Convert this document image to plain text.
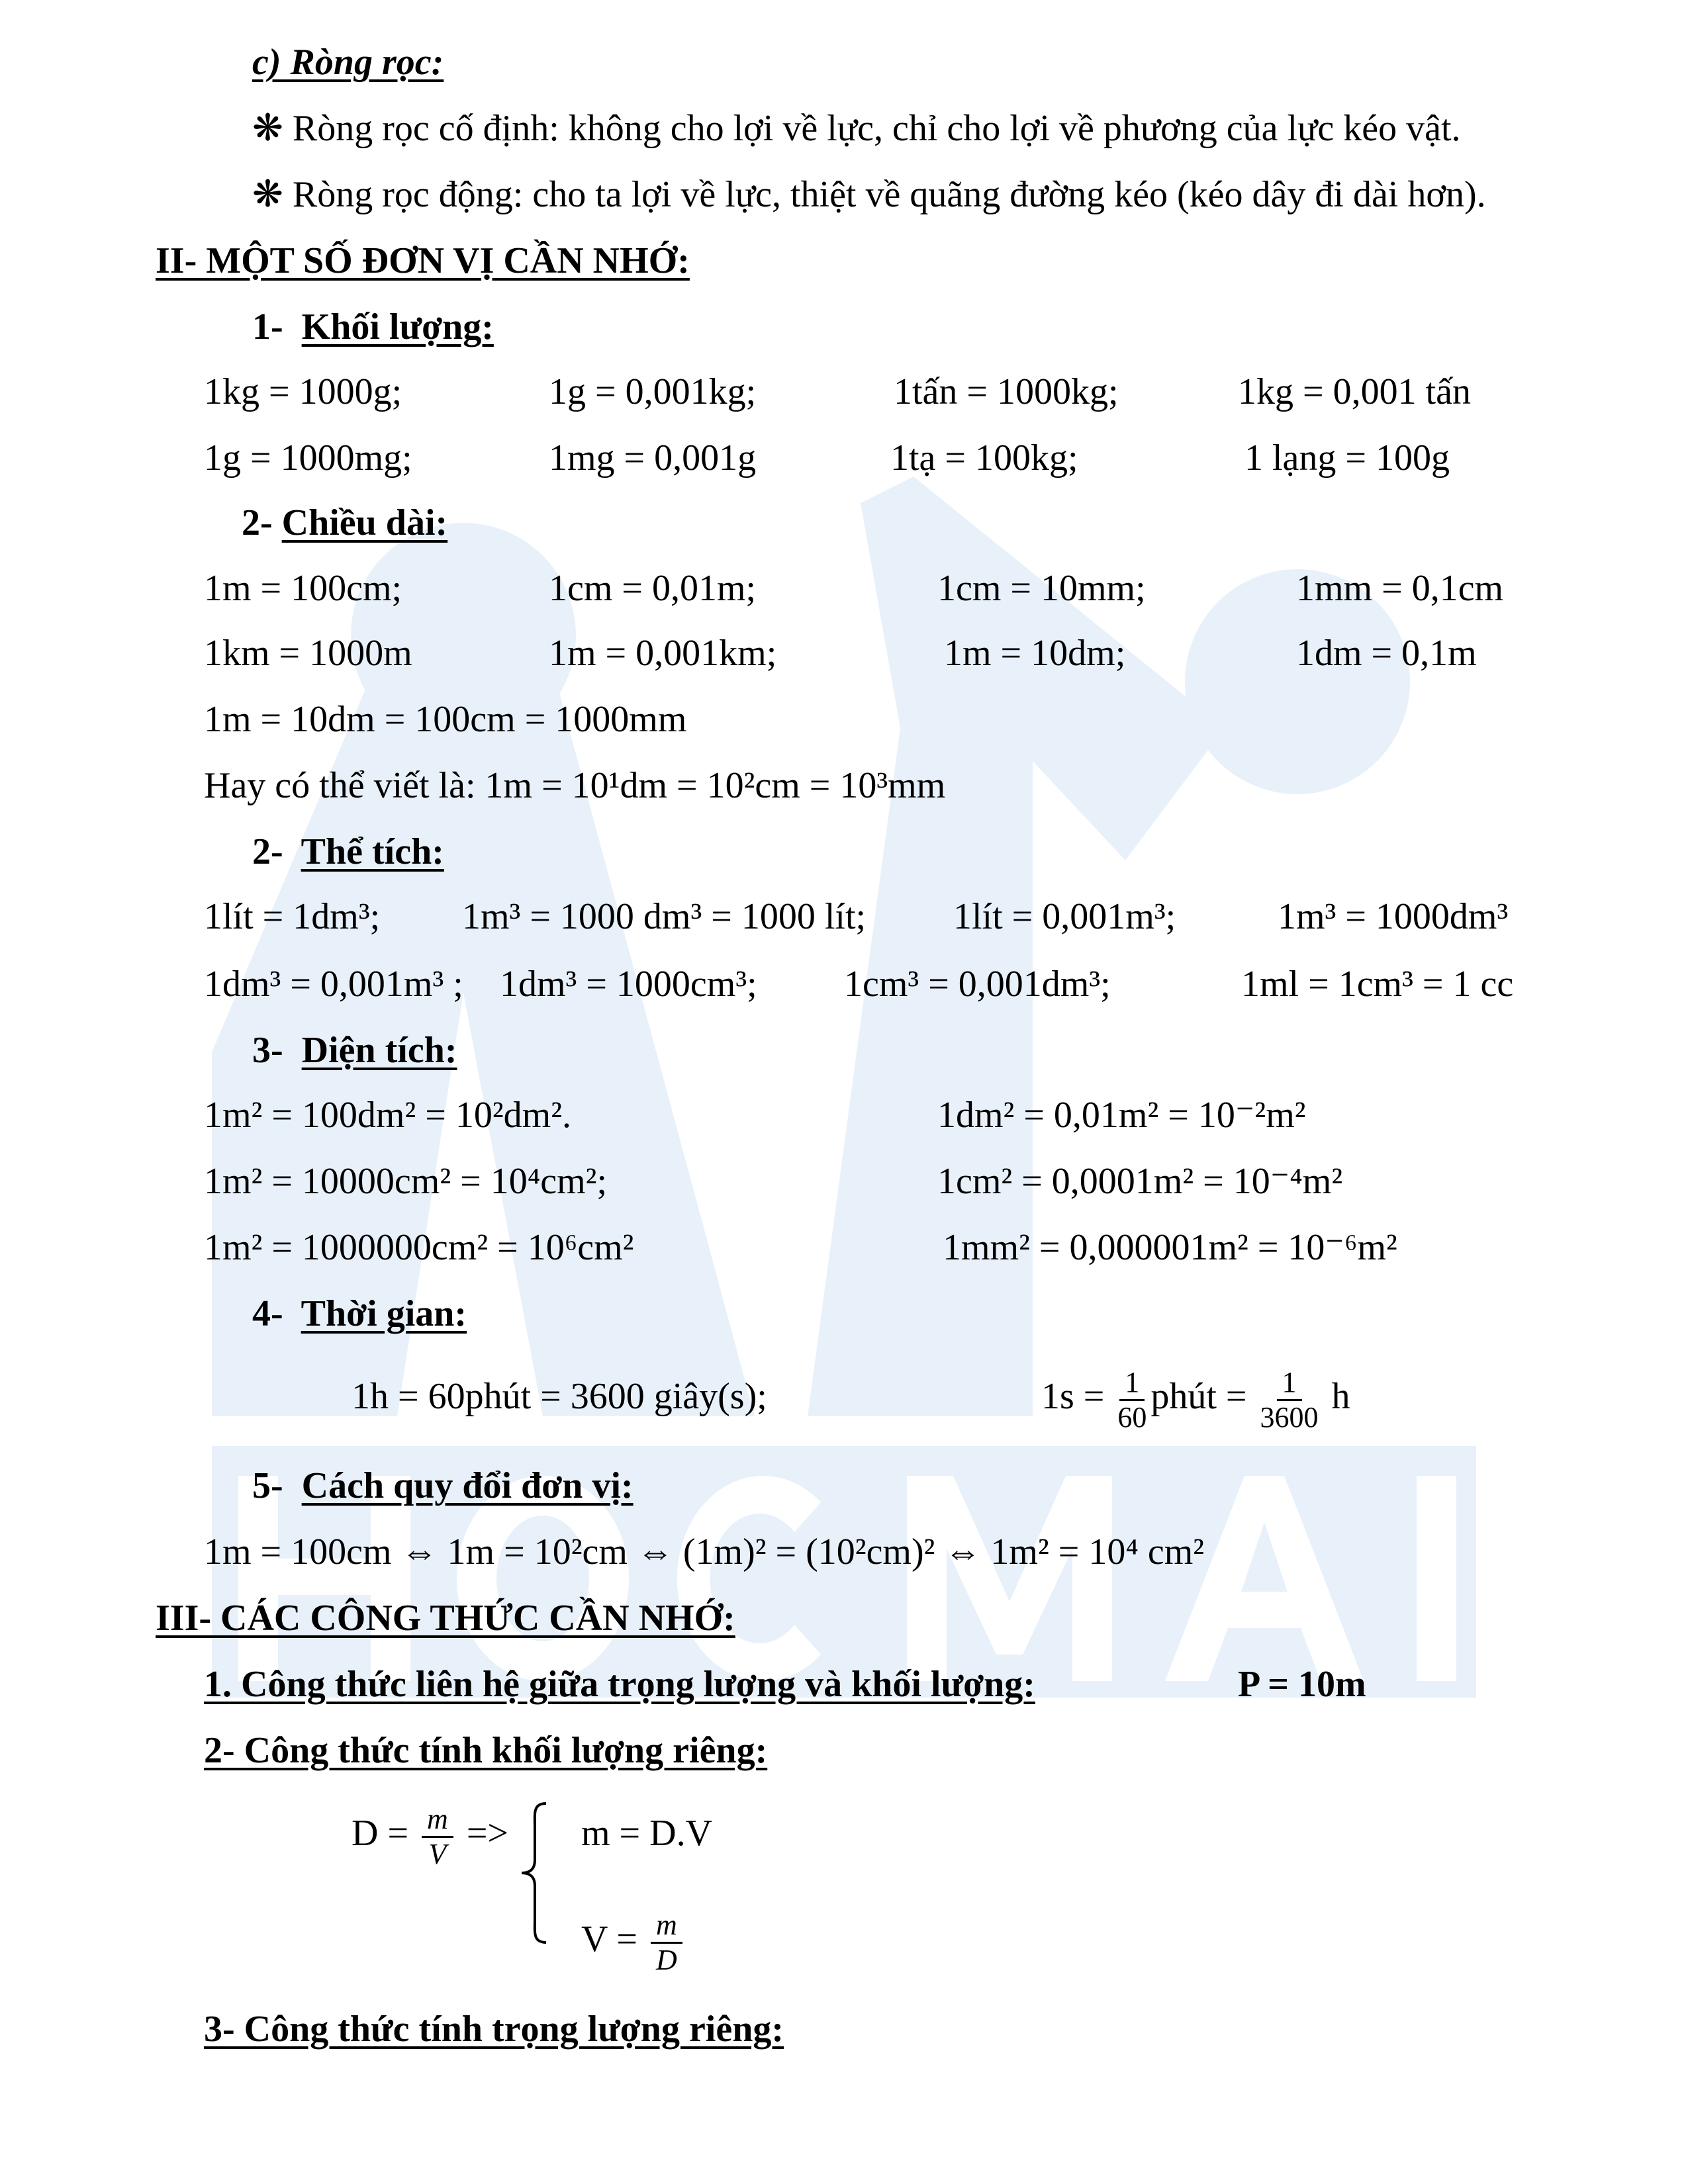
c) Ròng rọc:
❋ Ròng rọc cố định: không cho lợi về lực, chỉ cho lợi về phương của lực kéo vật.
❋ Ròng rọc động: cho ta lợi về lực, thiệt về quãng đường kéo (kéo dây đi dài hơn).
II- MỘT SỐ ĐƠN VỊ CẦN NHỚ:
1- Khối lượng:
1kg = 1000g;	1g = 0,001kg;	1tấn = 1000kg;	1kg = 0,001 tấn
1g = 1000mg;	1mg = 0,001g	1tạ = 100kg;	1 lạng = 100g
2- Chiều dài:
1m = 100cm;	1cm = 0,01m;	1cm = 10mm;	1mm = 0,1cm
1km = 1000m	1m = 0,001km;	1m = 10dm;	1dm = 0,1m
1m = 10dm = 100cm = 1000mm
Hay có thể viết là: 1m = 10¹dm = 10²cm = 10³mm
2- Thể tích:
1lít = 1dm³; 1m³ = 1000 dm³ = 1000 lít; 1lít = 0,001m³;	1m³ = 1000dm³
1dm³ = 0,001m³ ; 1dm³ = 1000cm³; 1cm³ = 0,001dm³;	1ml = 1cm³ = 1 cc
3- Diện tích:
1m² = 100dm² = 10²dm².	1dm² = 0,01m² = 10⁻²m²
1m² = 10000cm² = 10⁴cm²;	1cm² = 0,0001m² = 10⁻⁴m²
1m² = 1000000cm² = 10⁶cm²	1mm² = 0,000001m² = 10⁻⁶m²
4- Thời gian:
1h = 60phút = 3600 giây(s);	$1s = \frac{1}{60}$ phút = $\frac{1}{3600}$ h
5- Cách quy đổi đơn vị:
1m = 100cm ⇔ 1m = 10²cm ⇔ (1m)² = (10²cm)² ⇔ 1m² = 10⁴ cm²
III- CÁC CÔNG THỨC CẦN NHỚ:
1. Công thức liên hệ giữa trọng lượng và khối lượng:	P = 10m
2- Công thức tính khối lượng riêng:
$D = \frac{m}{V} => m = D.V$
$V = \frac{m}{D}$
3- Công thức tính trọng lượng riêng:
